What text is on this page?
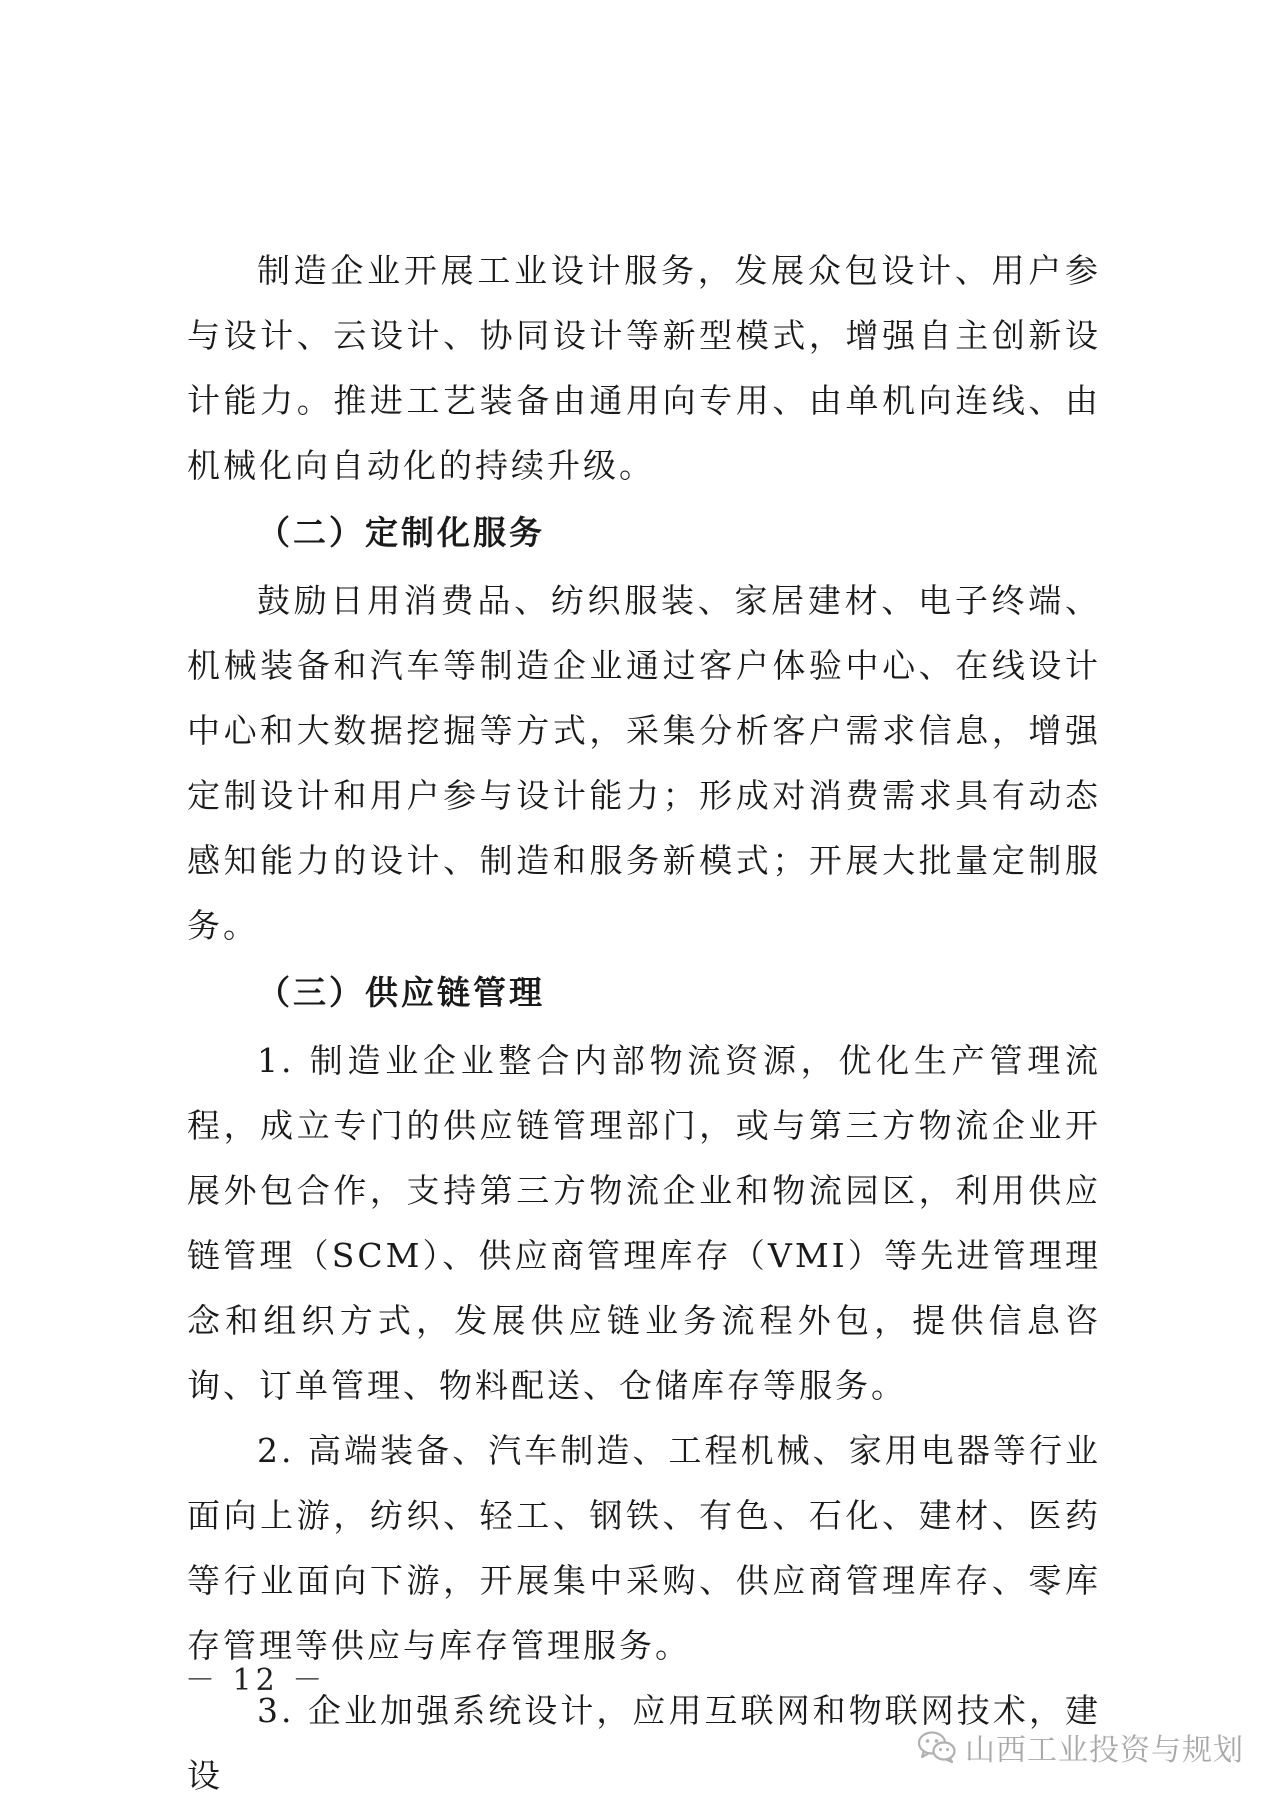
制造企业开展工业设计服务，发展众包设计、用户参与设计、云设计、协同设计等新型模式，增强自主创新设计能力。推进工艺装备由通用向专用、由单机向连线、由机械化向自动化的持续升级。

（二）定制化服务

鼓励日用消费品、纺织服装、家居建材、电子终端、机械装备和汽车等制造企业通过客户体验中心、在线设计中心和大数据挖掘等方式，采集分析客户需求信息，增强定制设计和用户参与设计能力；形成对消费需求具有动态感知能力的设计、制造和服务新模式；开展大批量定制服务。

（三）供应链管理

1. 制造业企业整合内部物流资源，优化生产管理流程，成立专门的供应链管理部门，或与第三方物流企业开展外包合作，支持第三方物流企业和物流园区，利用供应链管理（SCM）、供应商管理库存（VMI）等先进管理理念和组织方式，发展供应链业务流程外包，提供信息咨询、订单管理、物料配送、仓储库存等服务。

2. 高端装备、汽车制造、工程机械、家用电器等行业面向上游，纺织、轻工、钢铁、有色、石化、建材、医药等行业面向下游，开展集中采购、供应商管理库存、零库存管理等供应与库存管理服务。

3. 企业加强系统设计，应用互联网和物联网技术，建设

－ 12 －
山西工业投资与规划
